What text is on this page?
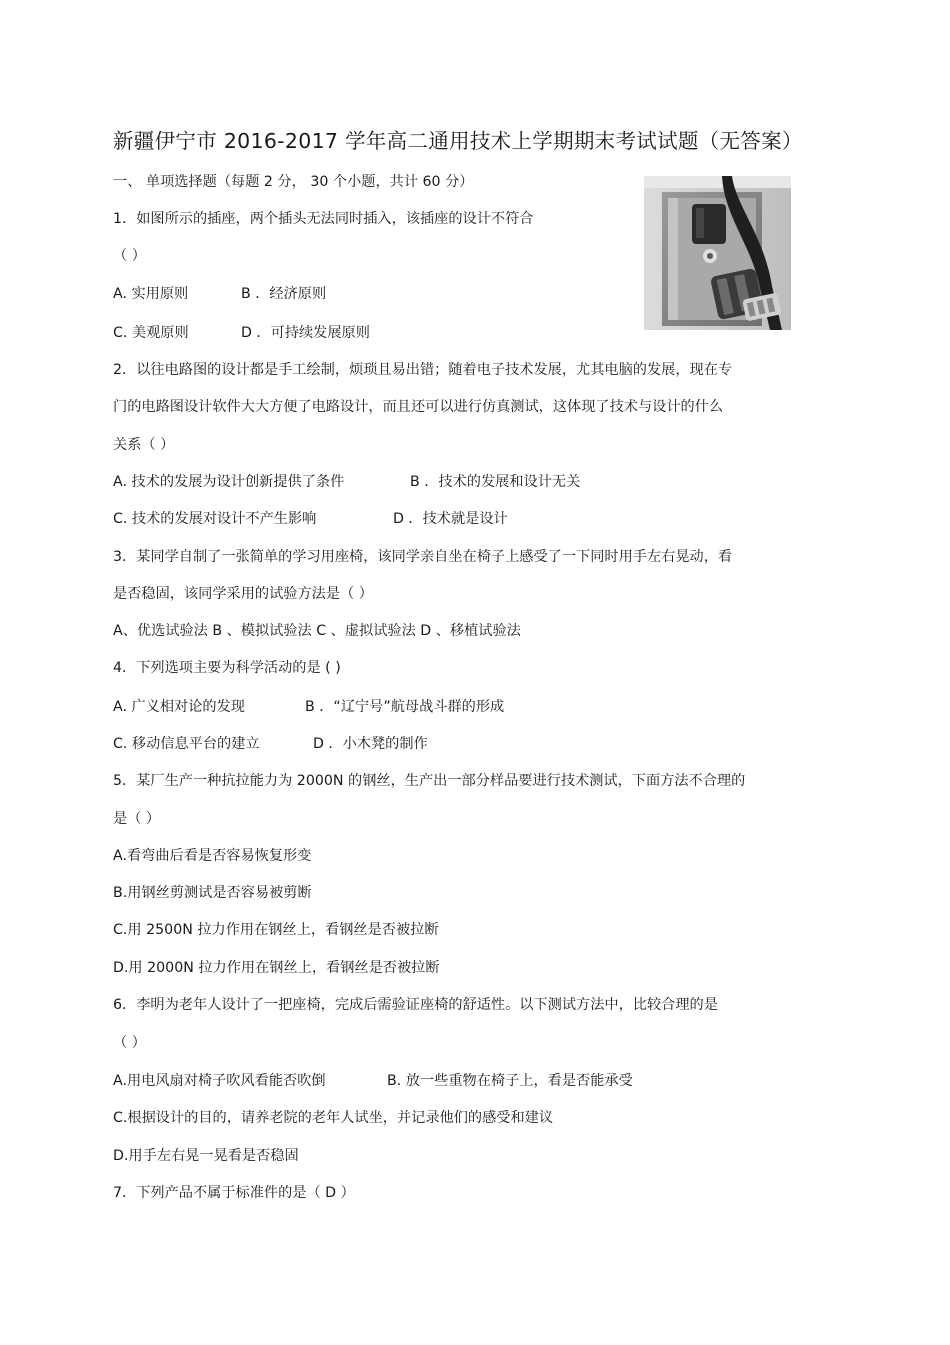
新疆伊宁市 2016-2017 学年高二通用技术上学期期末考试试题（无答案）
一、 单项选择题（每题 2 分， 30 个小题，共计 60 分）
1．如图所示的插座，两个插头无法同时插入，该插座的设计不符合
（ ）
A. 实用原则	B ．经济原则
C. 美观原则	D ．可持续发展原则
2．以往电路图的设计都是手工绘制，烦琐且易出错；随着电子技术发展，尤其电脑的发展，现在专
门的电路图设计软件大大方便了电路设计，而且还可以进行仿真测试，这体现了技术与设计的什么
关系（ ）
A. 技术的发展为设计创新提供了条件	B ．技术的发展和设计无关
C. 技术的发展对设计不产生影响	D ．技术就是设计
3．某同学自制了一张简单的学习用座椅，该同学亲自坐在椅子上感受了一下同时用手左右晃动，看
是否稳固，该同学采用的试验方法是（ ）
A、优选试验法 B 、模拟试验法 C 、虚拟试验法 D 、移植试验法
4．下列选项主要为科学活动的是 ( )
A. 广义相对论的发现	B ．“辽宁号”航母战斗群的形成
C. 移动信息平台的建立	D ．小木凳的制作
5．某厂生产一种抗拉能力为 2000N 的钢丝，生产出一部分样品要进行技术测试，下面方法不合理的
是（ ）
A.看弯曲后看是否容易恢复形变
B.用钢丝剪测试是否容易被剪断
C.用 2500N 拉力作用在钢丝上，看钢丝是否被拉断
D.用 2000N 拉力作用在钢丝上，看钢丝是否被拉断
6．李明为老年人设计了一把座椅，完成后需验证座椅的舒适性。以下测试方法中，比较合理的是
（ ）
A.用电风扇对椅子吹风看能否吹倒	B. 放一些重物在椅子上，看是否能承受
C.根据设计的目的，请养老院的老年人试坐，并记录他们的感受和建议
D.用手左右晃一晃看是否稳固
7．下列产品不属于标准件的是（ D ）
